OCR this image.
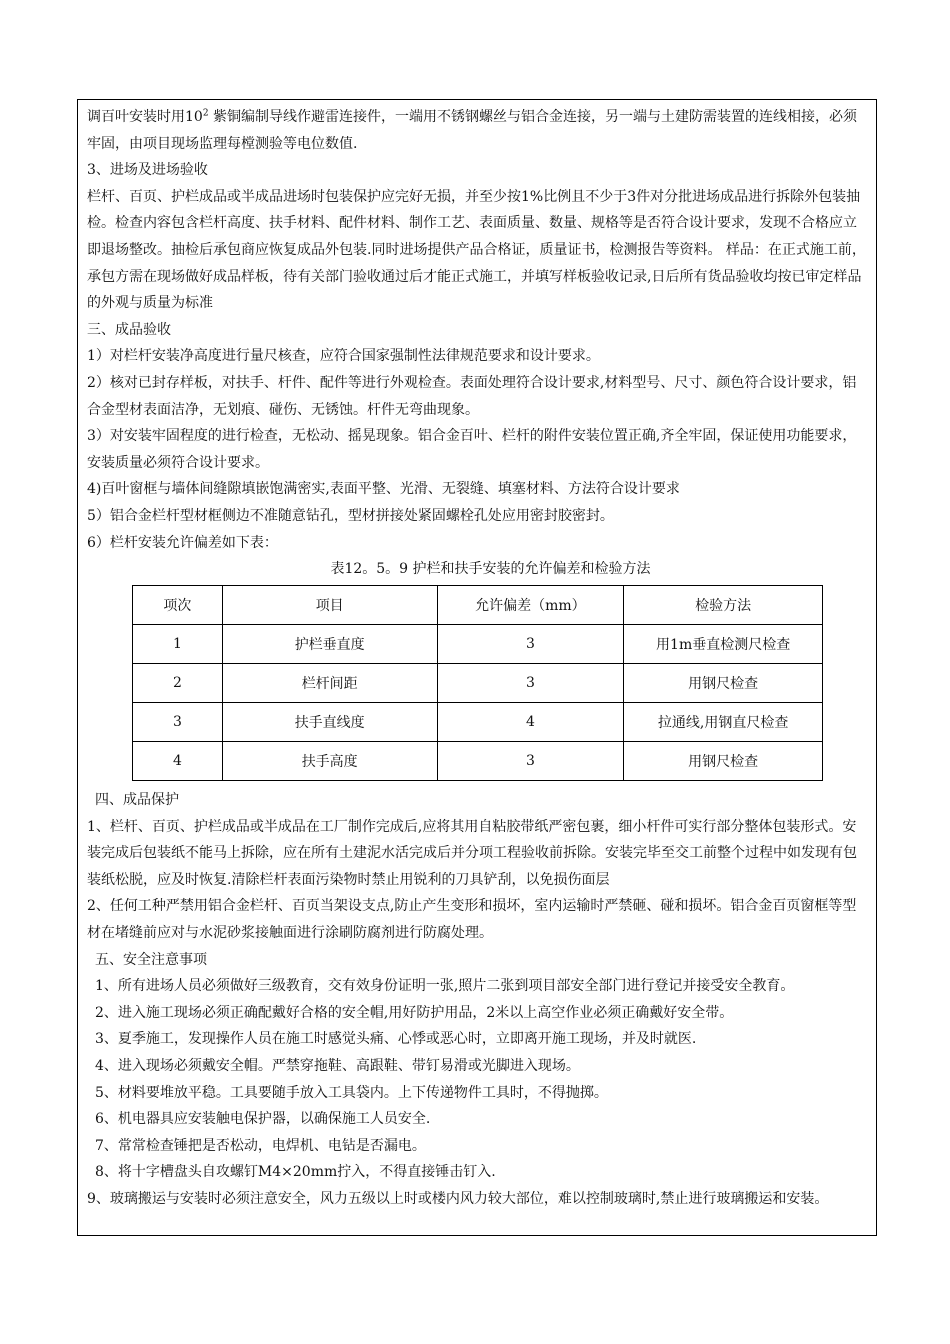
调百叶安装时用$10^2$ 紫铜编制导线作避雷连接件，一端用不锈钢螺丝与铝合金连接，另一端与土建防需装置的连线相接，必须牢固，由项目现场监理每樘测验等电位数值.

3、进场及进场验收

栏杆、百页、护栏成品或半成品进场时包装保护应完好无损，并至少按1%比例且不少于3件对分批进场成品进行拆除外包装抽检。检查内容包含栏杆高度、扶手材料、配件材料、制作工艺、表面质量、数量、规格等是否符合设计要求，发现不合格应立即退场整改。抽检后承包商应恢复成品外包装.同时进场提供产品合格证，质量证书，检测报告等资料。 样品：在正式施工前，承包方需在现场做好成品样板，待有关部门验收通过后才能正式施工，并填写样板验收记录,日后所有货品验收均按已审定样品的外观与质量为标准

三、成品验收

1）对栏杆安装净高度进行量尺核查，应符合国家强制性法律规范要求和设计要求。

2）核对已封存样板，对扶手、杆件、配件等进行外观检查。表面处理符合设计要求,材料型号、尺寸、颜色符合设计要求，铝合金型材表面洁净，无划痕、碰伤、无锈蚀。杆件无弯曲现象。

3）对安装牢固程度的进行检查，无松动、摇晃现象。铝合金百叶、栏杆的附件安装位置正确,齐全牢固，保证使用功能要求，安装质量必须符合设计要求。

4)百叶窗框与墙体间缝隙填嵌饱满密实,表面平整、光滑、无裂缝、填塞材料、方法符合设计要求

5）铝合金栏杆型材框侧边不准随意钻孔，型材拼接处紧固螺栓孔处应用密封胶密封。

6）栏杆安装允许偏差如下表：

表12。5。9 护栏和扶手安装的允许偏差和检验方法

项次	项目	允许偏差（mm）	检验方法
1	护栏垂直度	3	用1m垂直检测尺检查
2	栏杆间距	3	用钢尺检查
3	扶手直线度	4	拉通线,用钢直尺检查
4	扶手高度	3	用钢尺检查

四、成品保护

1、栏杆、百页、护栏成品或半成品在工厂制作完成后,应将其用自粘胶带纸严密包裹，细小杆件可实行部分整体包装形式。安装完成后包装纸不能马上拆除，应在所有土建泥水活完成后并分项工程验收前拆除。安装完毕至交工前整个过程中如发现有包装纸松脱，应及时恢复.清除栏杆表面污染物时禁止用锐利的刀具铲刮，以免损伤面层

2、任何工种严禁用铝合金栏杆、百页当架设支点,防止产生变形和损坏，室内运输时严禁砸、碰和损坏。铝合金百页窗框等型材在堵缝前应对与水泥砂浆接触面进行涂刷防腐剂进行防腐处理。

五、安全注意事项

1、所有进场人员必须做好三级教育，交有效身份证明一张,照片二张到项目部安全部门进行登记并接受安全教育。

2、进入施工现场必须正确配戴好合格的安全帽,用好防护用品，2米以上高空作业必须正确戴好安全带。

3、夏季施工，发现操作人员在施工时感觉头痛、心悸或恶心时，立即离开施工现场，并及时就医.

4、进入现场必须戴安全帽。严禁穿拖鞋、高跟鞋、带钉易滑或光脚进入现场。

5、材料要堆放平稳。工具要随手放入工具袋内。上下传递物件工具时，不得抛掷。

6、机电器具应安装触电保护器，以确保施工人员安全.

7、常常检查锤把是否松动，电焊机、电钻是否漏电。

8、将十字槽盘头自攻螺钉M4×20mm拧入，不得直接锤击钉入.

9、玻璃搬运与安装时必须注意安全，风力五级以上时或楼内风力较大部位，难以控制玻璃时,禁止进行玻璃搬运和安装。
